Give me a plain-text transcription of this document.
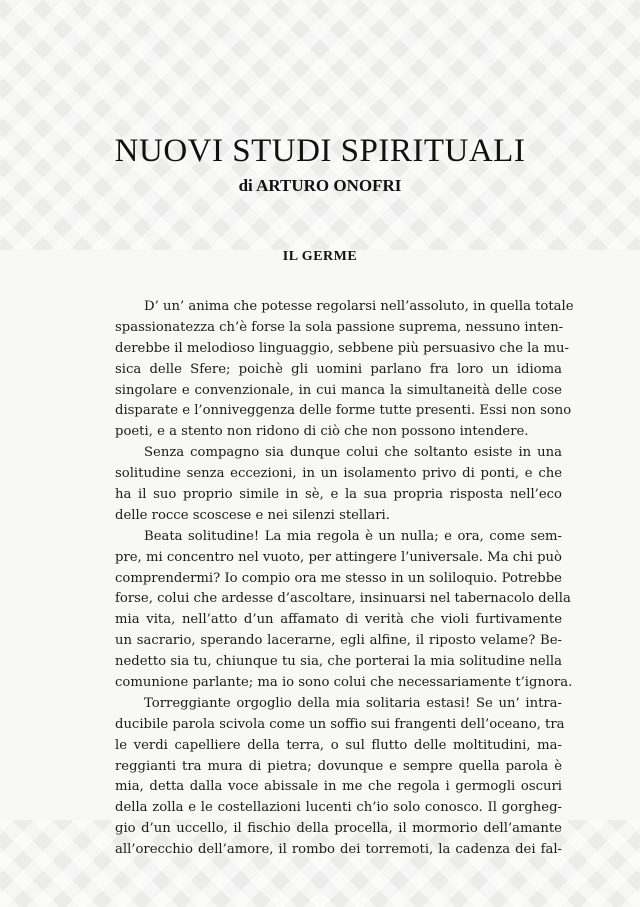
NUOVI STUDI SPIRITUALI
di ARTURO ONOFRI
IL GERME
D’ un’ anima che potesse regolarsi nell’assoluto, in quella totale
spassionatezza ch’è forse la sola passione suprema, nessuno inten-
derebbe il melodioso linguaggio, sebbene più persuasivo che la mu-
sica delle Sfere; poichè gli uomini parlano fra loro un idioma
singolare e convenzionale, in cui manca la simultaneità delle cose
disparate e l’onniveggenza delle forme tutte presenti. Essi non sono
poeti, e a stento non ridono di ciò che non possono intendere.
Senza compagno sia dunque colui che soltanto esiste in una
solitudine senza eccezioni, in un isolamento privo di ponti, e che
ha il suo proprio simile in sè, e la sua propria risposta nell’eco
delle rocce scoscese e nei silenzi stellari.
Beata solitudine! La mia regola è un nulla; e ora, come sem-
pre, mi concentro nel vuoto, per attingere l’universale. Ma chi può
comprendermi? Io compio ora me stesso in un soliloquio. Potrebbe
forse, colui che ardesse d’ascoltare, insinuarsi nel tabernacolo della
mia vita, nell’atto d’un affamato di verità che violi furtivamente
un sacrario, sperando lacerarne, egli alfine, il riposto velame? Be-
nedetto sia tu, chiunque tu sia, che porterai la mia solitudine nella
comunione parlante; ma io sono colui che necessariamente t’ignora.
Torreggiante orgoglio della mia solitaria estasi! Se un’ intra-
ducibile parola scivola come un soffio sui frangenti dell’oceano, tra
le verdi capelliere della terra, o sul flutto delle moltitudini, ma-
reggianti tra mura di pietra; dovunque e sempre quella parola è
mia, detta dalla voce abissale in me che regola i germogli oscuri
della zolla e le costellazioni lucenti ch’io solo conosco. Il gorgheg-
gio d’un uccello, il fischio della procella, il mormorio dell’amante
all’orecchio dell’amore, il rombo dei torremoti, la cadenza dei fal-
